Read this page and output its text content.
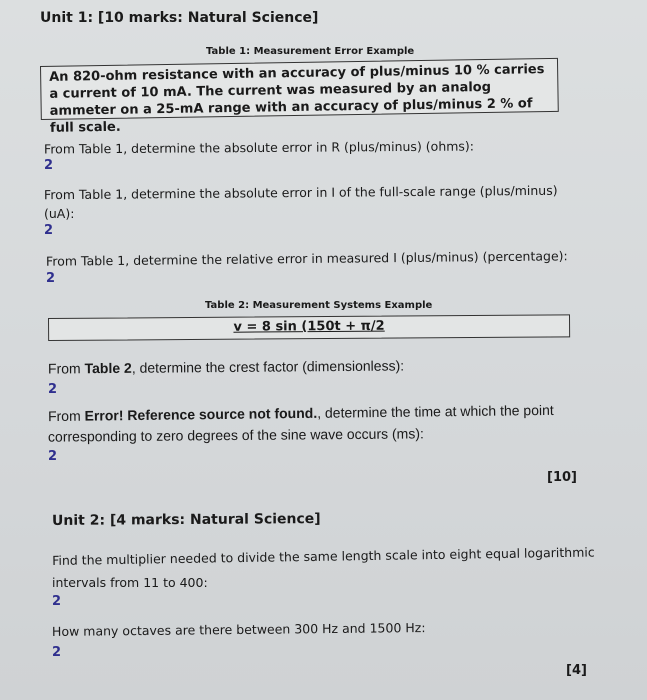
Unit 1: [10 marks: Natural Science]
Table 1: Measurement Error Example
An 820-ohm resistance with an accuracy of plus/minus 10 % carries a current of 10 mA. The current was measured by an analog ammeter on a 25-mA range with an accuracy of plus/minus 2 % of full scale.
From Table 1, determine the absolute error in R (plus/minus) (ohms):
2
From Table 1, determine the absolute error in I of the full-scale range (plus/minus)
(uA):
2
From Table 1, determine the relative error in measured I (plus/minus) (percentage):
2
Table 2: Measurement Systems Example
v = 8 sin (150t + π/2
From Table 2, determine the crest factor (dimensionless):
2
From Error! Reference source not found., determine the time at which the point
corresponding to zero degrees of the sine wave occurs (ms):
2
[10]
Unit 2: [4 marks: Natural Science]
Find the multiplier needed to divide the same length scale into eight equal logarithmic
intervals from 11 to 400:
2
How many octaves are there between 300 Hz and 1500 Hz:
2
[4]
